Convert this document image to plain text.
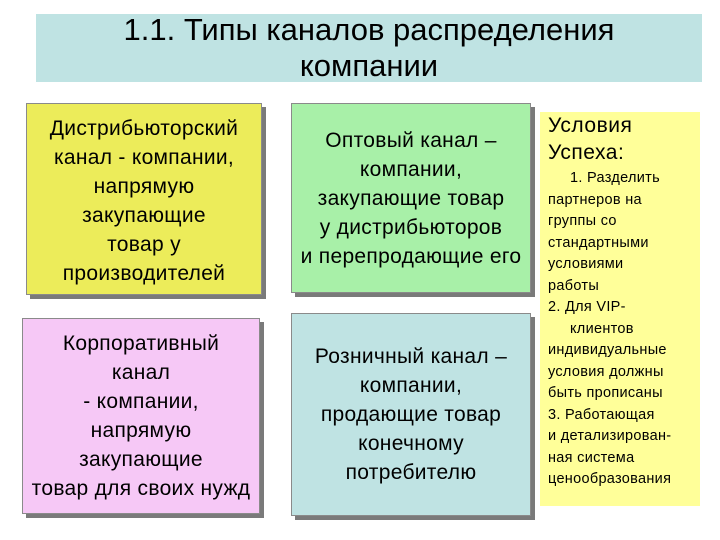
1.1. Типы каналов распределения
компании

Дистрибьюторский

канал - компании,

напрямую

закупающие

товар у

производителей

Корпоративный

канал

- компании,

напрямую

закупающие

товар для своих нужд

Оптовый канал –

компании,

закупающие товар

у дистрибьюторов

и перепродающие его

Розничный канал –

компании,

продающие товар

конечному

потребителю

Условия

Успеха:

1. Разделить

партнеров на

группы со

стандартными

условиями

работы

2. Для VIP-

клиентов

индивидуальные

условия должны

быть прописаны

3. Работающая

и детализирован-

ная система

ценообразования
